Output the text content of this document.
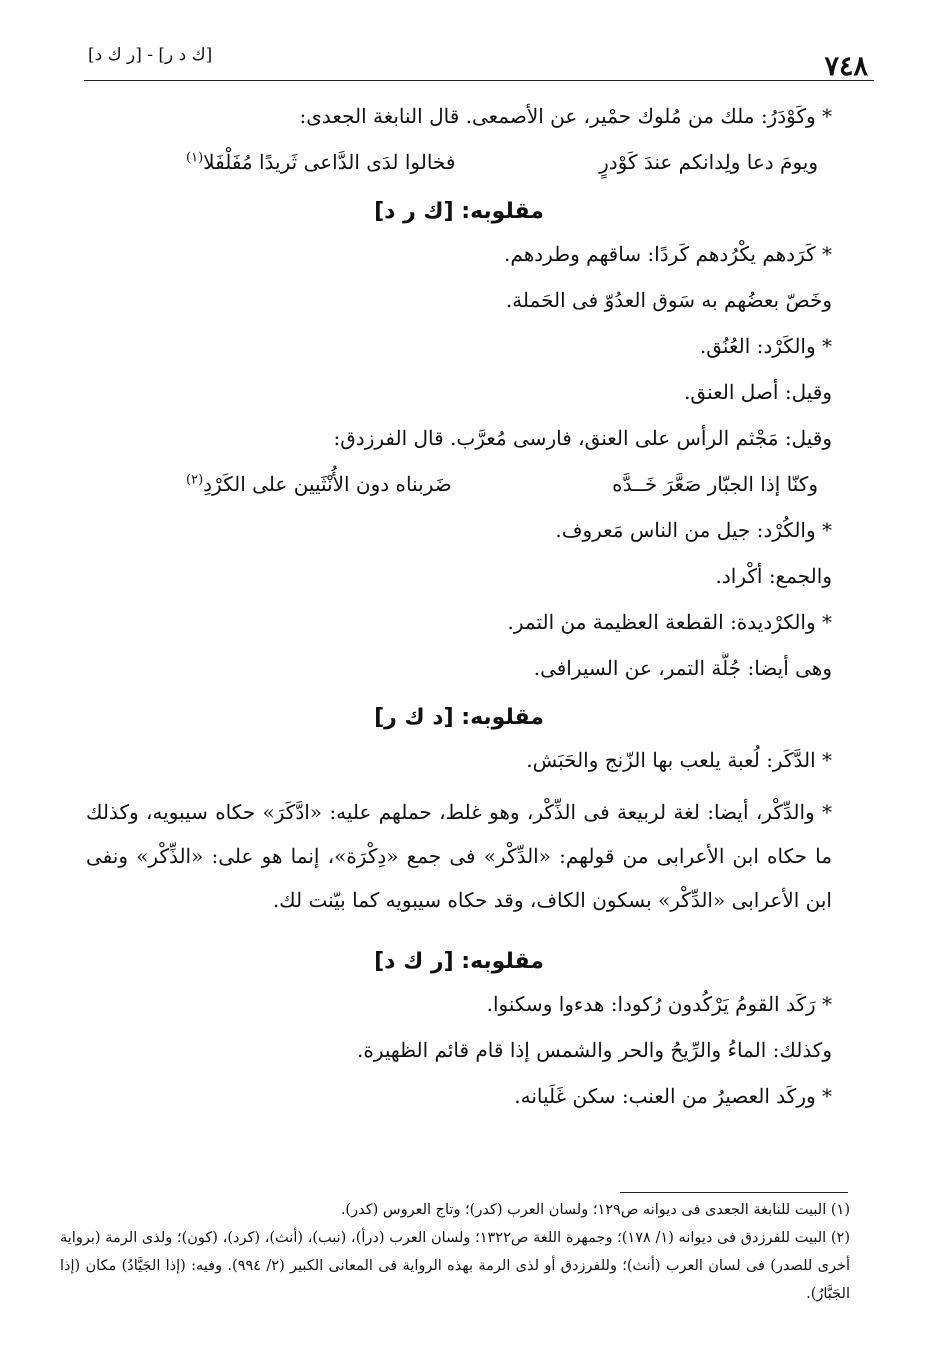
٧٤٨
[ك د ر] - [ر ك د]
* وكَوْدَرُ: ملك من مُلوك حمْير، عن الأصمعى. قال النابغة الجعدى:
ويومَ دعا ولِدانكم عندَ كَوْدرٍ
فخالوا لدَى الدَّاعى ثَريدًا مُفَلْفَلا$^{(١)}$
مقلوبه: [ك ر د]
* كَرَدهم يكْرُدهم كَردًا: ساقهم وطردهم.
وخَصّ بعضُهم به سَوق العدُوّ فى الحَملة.
* والكَرْد: العُنُق.
وقيل: أصل العنق.
وقيل: مَجْثم الرأس على العنق، فارسى مُعرَّب. قال الفرزدق:
وكنّا إذا الجبّار صَعَّرَ خَــدَّه
ضَربناه دون الأُنْثَيين على الكَرْدِ$^{(٢)}$
* والكُرْد: جيل من الناس مَعروف.
والجمع: أكْراد.
* والكرْديدة: القطعة العظيمة من التمر.
وهى أيضا: جُلَّة التمر، عن السيرافى.
مقلوبه: [د ك ر]
* الدَّكَر: لُعبة يلعب بها الزّنج والحَبَش.
* والدِّكْر، أيضا: لغة لربيعة فى الذِّكْر، وهو غلط، حملهم عليه: «ادَّكَرَ» حكاه سيبويه، وكذلك ما حكاه ابن الأعرابى من قولهم: «الدِّكْر» فى جمع «دِكْرَة»، إنما هو على: «الذِّكْر» ونفى ابن الأعرابى «الدِّكْر» بسكون الكاف، وقد حكاه سيبويه كما بيّنت لك.
مقلوبه: [ر ك د]
* رَكَد القومُ يَرْكُدون رُكودا: هدءوا وسكنوا.
وكذلك: الماءُ والرِّيحُ والحر والشمس إذا قام قائم الظهيرة.
* وركَد العصيرُ من العنب: سكن غَلَيانه.
(١) البيت للنابغة الجعدى فى ديوانه ص١٢٩؛ ولسان العرب (كدر)؛ وتاج العروس (كدر).
(٢) البيت للفرزدق فى ديوانه (١/ ١٧٨)؛ وجمهرة اللغة ص١٣٢٢؛ ولسان العرب (درأ)، (نبب)، (أنث)، (كرد)، (كون)؛ ولذى الرمة (برواية أخرى للصدر) فى لسان العرب (أنث)؛ وللفرزدق أو لذى الرمة بهذه الرواية فى المعانى الكبير (٢/ ٩٩٤). وفيه: (إذا الجَيَّادُ) مكان (إذا الجَبَّارُ).
